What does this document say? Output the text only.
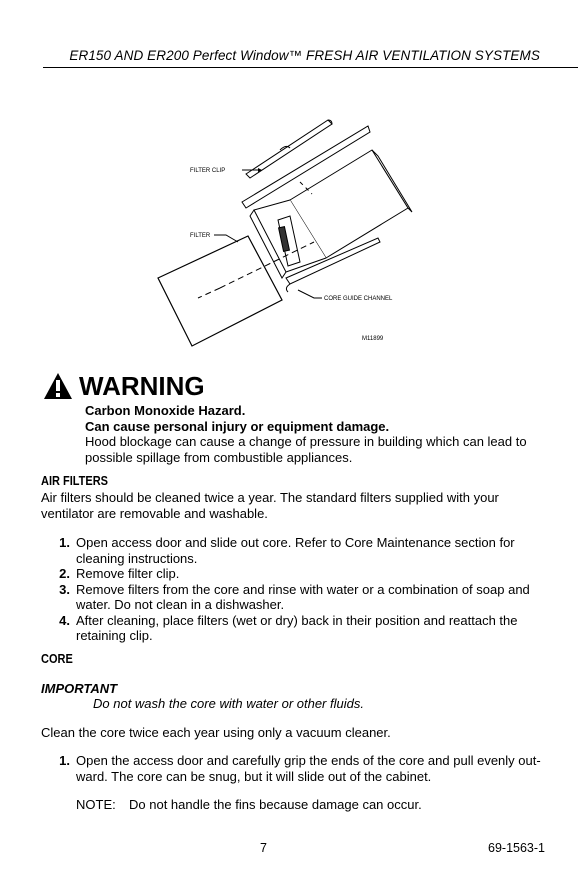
ER150 AND ER200 Perfect Window™ FRESH AIR VENTILATION SYSTEMS
FILTER CLIP
FILTER
CORE GUIDE CHANNEL
M11899
WARNING
Carbon Monoxide Hazard.
Can cause personal injury or equipment damage.
Hood blockage can cause a change of pressure in building which can lead to possible spillage from combustible appliances.
AIR FILTERS
Air filters should be cleaned twice a year. The standard filters supplied with your ventilator are removable and washable.
1. Open access door and slide out core. Refer to Core Maintenance section for cleaning instructions.
2. Remove filter clip.
3. Remove filters from the core and rinse with water or a combination of soap and water. Do not clean in a dishwasher.
4. After cleaning, place filters (wet or dry) back in their position and reattach the retaining clip.
CORE
IMPORTANT
Do not wash the core with water or other fluids.
Clean the core twice each year using only a vacuum cleaner.
1. Open the access door and carefully grip the ends of the core and pull evenly out-ward. The core can be snug, but it will slide out of the cabinet.
NOTE:	Do not handle the fins because damage can occur.
7	69-1563-1
